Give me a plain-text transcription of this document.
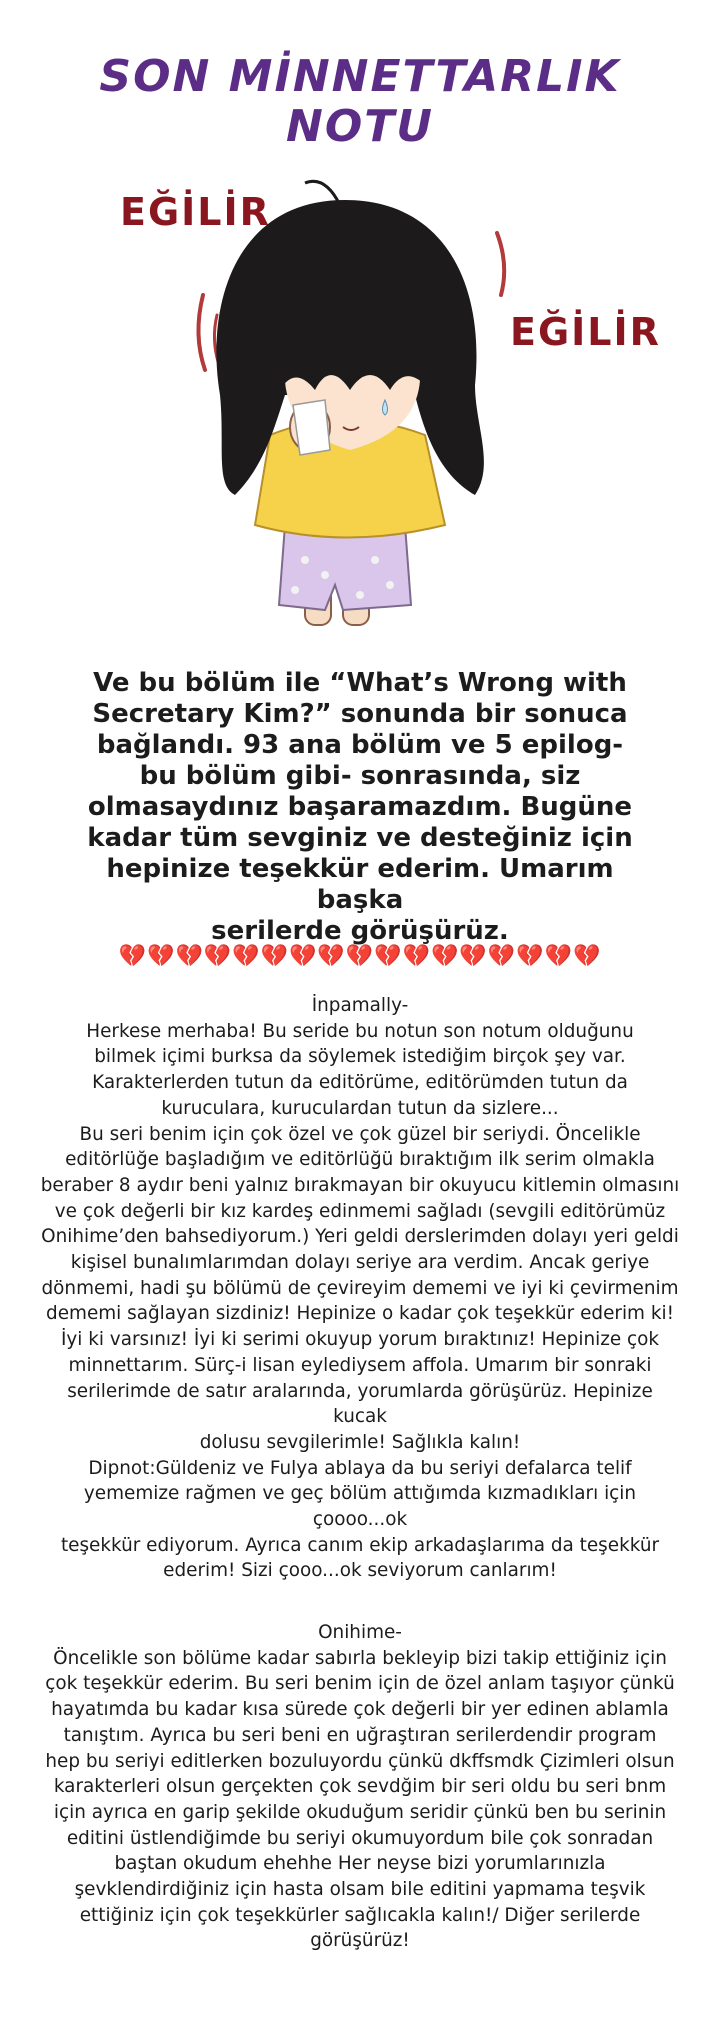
SON MİNNETTARLIK
NOTU
EĞİLİR
EĞİLİR

Ve bu bölüm ile “What’s Wrong with

Secretary Kim?” sonunda bir sonuca

bağlandı. 93 ana bölüm ve 5 epilog-

bu bölüm gibi- sonrasında, siz

olmasaydınız başaramazdım. Bugüne

kadar tüm sevginiz ve desteğiniz için

hepinize teşekkür ederim. Umarım başka

serilerde görüşürüz.

💔💔💔💔💔💔💔💔💔💔💔💔💔💔💔💔💔

İnpamally-

Herkese merhaba! Bu seride bu notun son notum olduğunu

bilmek içimi burksa da söylemek istediğim birçok şey var.

Karakterlerden tutun da editörüme, editörümden tutun da

kuruculara, kuruculardan tutun da sizlere...

Bu seri benim için çok özel ve çok güzel bir seriydi. Öncelikle

editörlüğe başladığım ve editörlüğü bıraktığım ilk serim olmakla

beraber 8 aydır beni yalnız bırakmayan bir okuyucu kitlemin olmasını

ve çok değerli bir kız kardeş edinmemi sağladı (sevgili editörümüz

Onihime’den bahsediyorum.) Yeri geldi derslerimden dolayı yeri geldi

kişisel bunalımlarımdan dolayı seriye ara verdim. Ancak geriye

dönmemi, hadi şu bölümü de çevireyim dememi ve iyi ki çevirmenim

dememi sağlayan sizdiniz! Hepinize o kadar çok teşekkür ederim ki!

İyi ki varsınız! İyi ki serimi okuyup yorum bıraktınız! Hepinize çok

minnettarım. Sürç-i lisan eylediysem affola. Umarım bir sonraki

serilerimde de satır aralarında, yorumlarda görüşürüz. Hepinize kucak

dolusu sevgilerimle! Sağlıkla kalın!

Dipnot:Güldeniz ve Fulya ablaya da bu seriyi defalarca telif

yememize rağmen ve geç bölüm attığımda kızmadıkları için çoooo...ok

teşekkür ediyorum. Ayrıca canım ekip arkadaşlarıma da teşekkür

ederim! Sizi çooo...ok seviyorum canlarım!

Onihime-

Öncelikle son bölüme kadar sabırla bekleyip bizi takip ettiğiniz için

çok teşekkür ederim. Bu seri benim için de özel anlam taşıyor çünkü

hayatımda bu kadar kısa sürede çok değerli bir yer edinen ablamla

tanıştım. Ayrıca bu seri beni en uğraştıran serilerdendir program

hep bu seriyi editlerken bozuluyordu çünkü dkffsmdk Çizimleri olsun

karakterleri olsun gerçekten çok sevdğim bir seri oldu bu seri bnm

için ayrıca en garip şekilde okuduğum seridir çünkü ben bu serinin

editini üstlendiğimde bu seriyi okumuyordum bile çok sonradan

baştan okudum ehehhe Her neyse bizi yorumlarınızla

şevklendirdiğiniz için hasta olsam bile editini yapmama teşvik

ettiğiniz için çok teşekkürler sağlıcakla kalın!/ Diğer serilerde

görüşürüz!
